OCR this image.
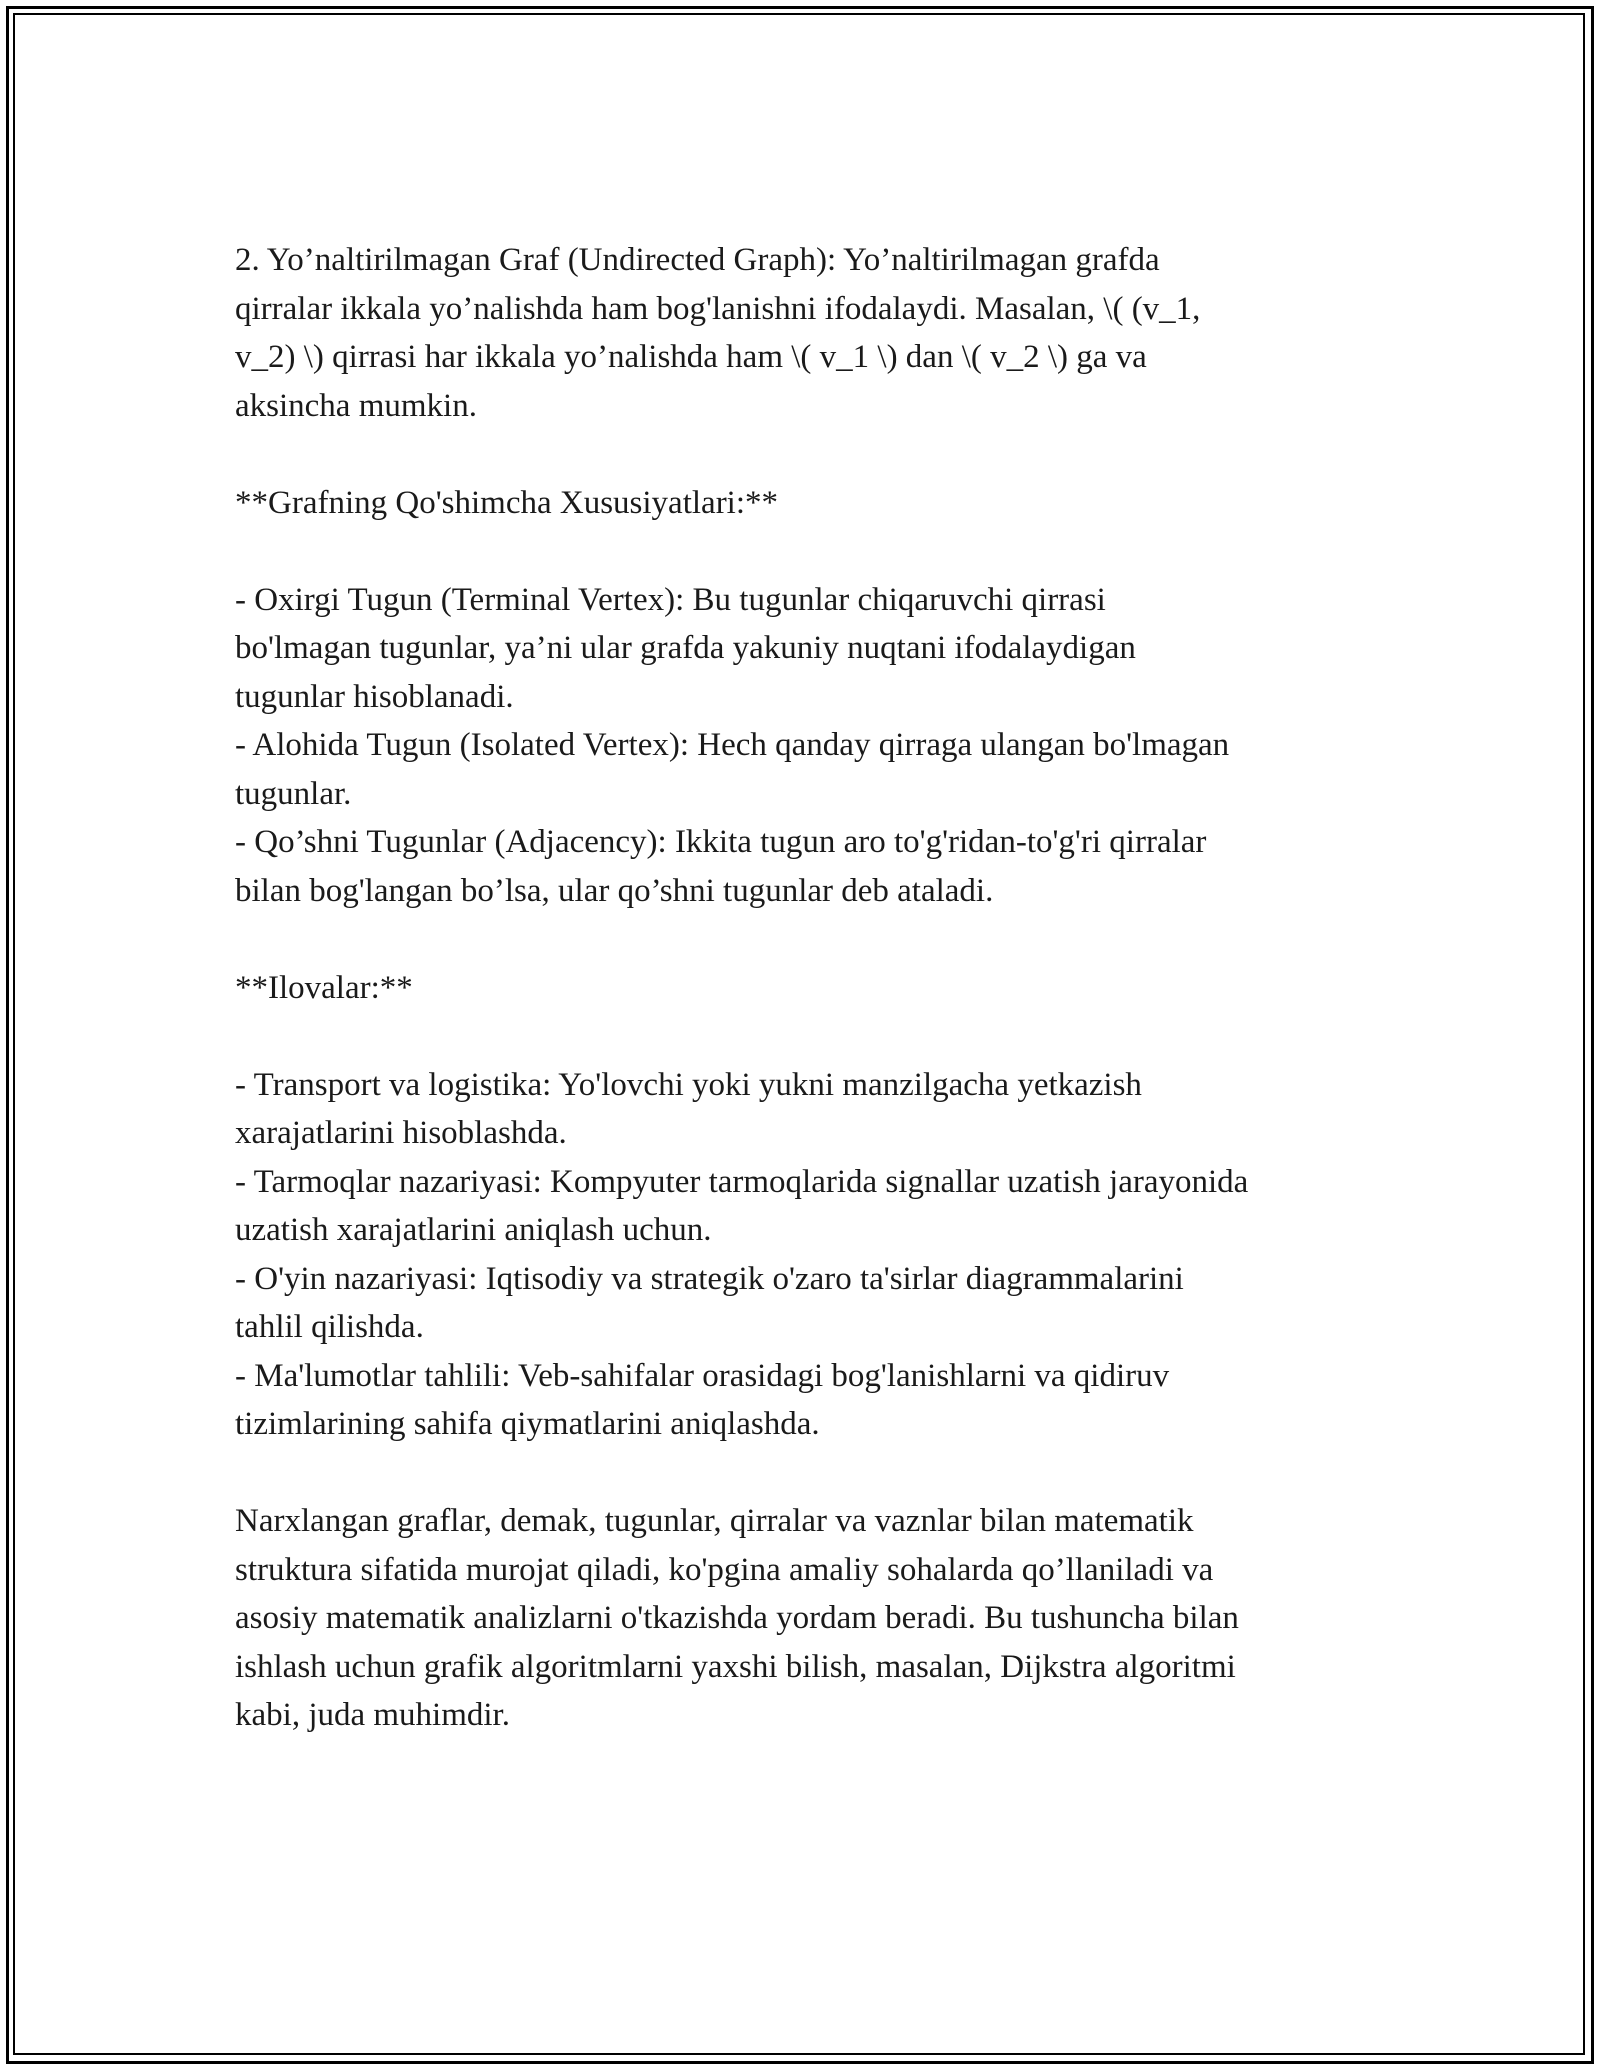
2. Yo’naltirilmagan Graf (Undirected Graph): Yo’naltirilmagan grafda
qirralar ikkala yo’nalishda ham bog'lanishni ifodalaydi. Masalan, \( (v_1,
v_2) \) qirrasi har ikkala yo’nalishda ham \( v_1 \) dan \( v_2 \) ga va
aksincha mumkin.

**Grafning Qo'shimcha Xususiyatlari:**

- Oxirgi Tugun (Terminal Vertex): Bu tugunlar chiqaruvchi qirrasi
bo'lmagan tugunlar, ya’ni ular grafda yakuniy nuqtani ifodalaydigan
tugunlar hisoblanadi.

- Alohida Tugun (Isolated Vertex): Hech qanday qirraga ulangan bo'lmagan
tugunlar.

- Qo’shni Tugunlar (Adjacency): Ikkita tugun aro to'g'ridan-to'g'ri qirralar
bilan bog'langan bo’lsa, ular qo’shni tugunlar deb ataladi.

**Ilovalar:**

- Transport va logistika: Yo'lovchi yoki yukni manzilgacha yetkazish
xarajatlarini hisoblashda.

- Tarmoqlar nazariyasi: Kompyuter tarmoqlarida signallar uzatish jarayonida
uzatish xarajatlarini aniqlash uchun.

- O'yin nazariyasi: Iqtisodiy va strategik o'zaro ta'sirlar diagrammalarini
tahlil qilishda.

- Ma'lumotlar tahlili: Veb-sahifalar orasidagi bog'lanishlarni va qidiruv
tizimlarining sahifa qiymatlarini aniqlashda.

Narxlangan graflar, demak, tugunlar, qirralar va vaznlar bilan matematik
struktura sifatida murojat qiladi, ko'pgina amaliy sohalarda qo’llaniladi va
asosiy matematik analizlarni o'tkazishda yordam beradi. Bu tushuncha bilan
ishlash uchun grafik algoritmlarni yaxshi bilish, masalan, Dijkstra algoritmi
kabi, juda muhimdir.
